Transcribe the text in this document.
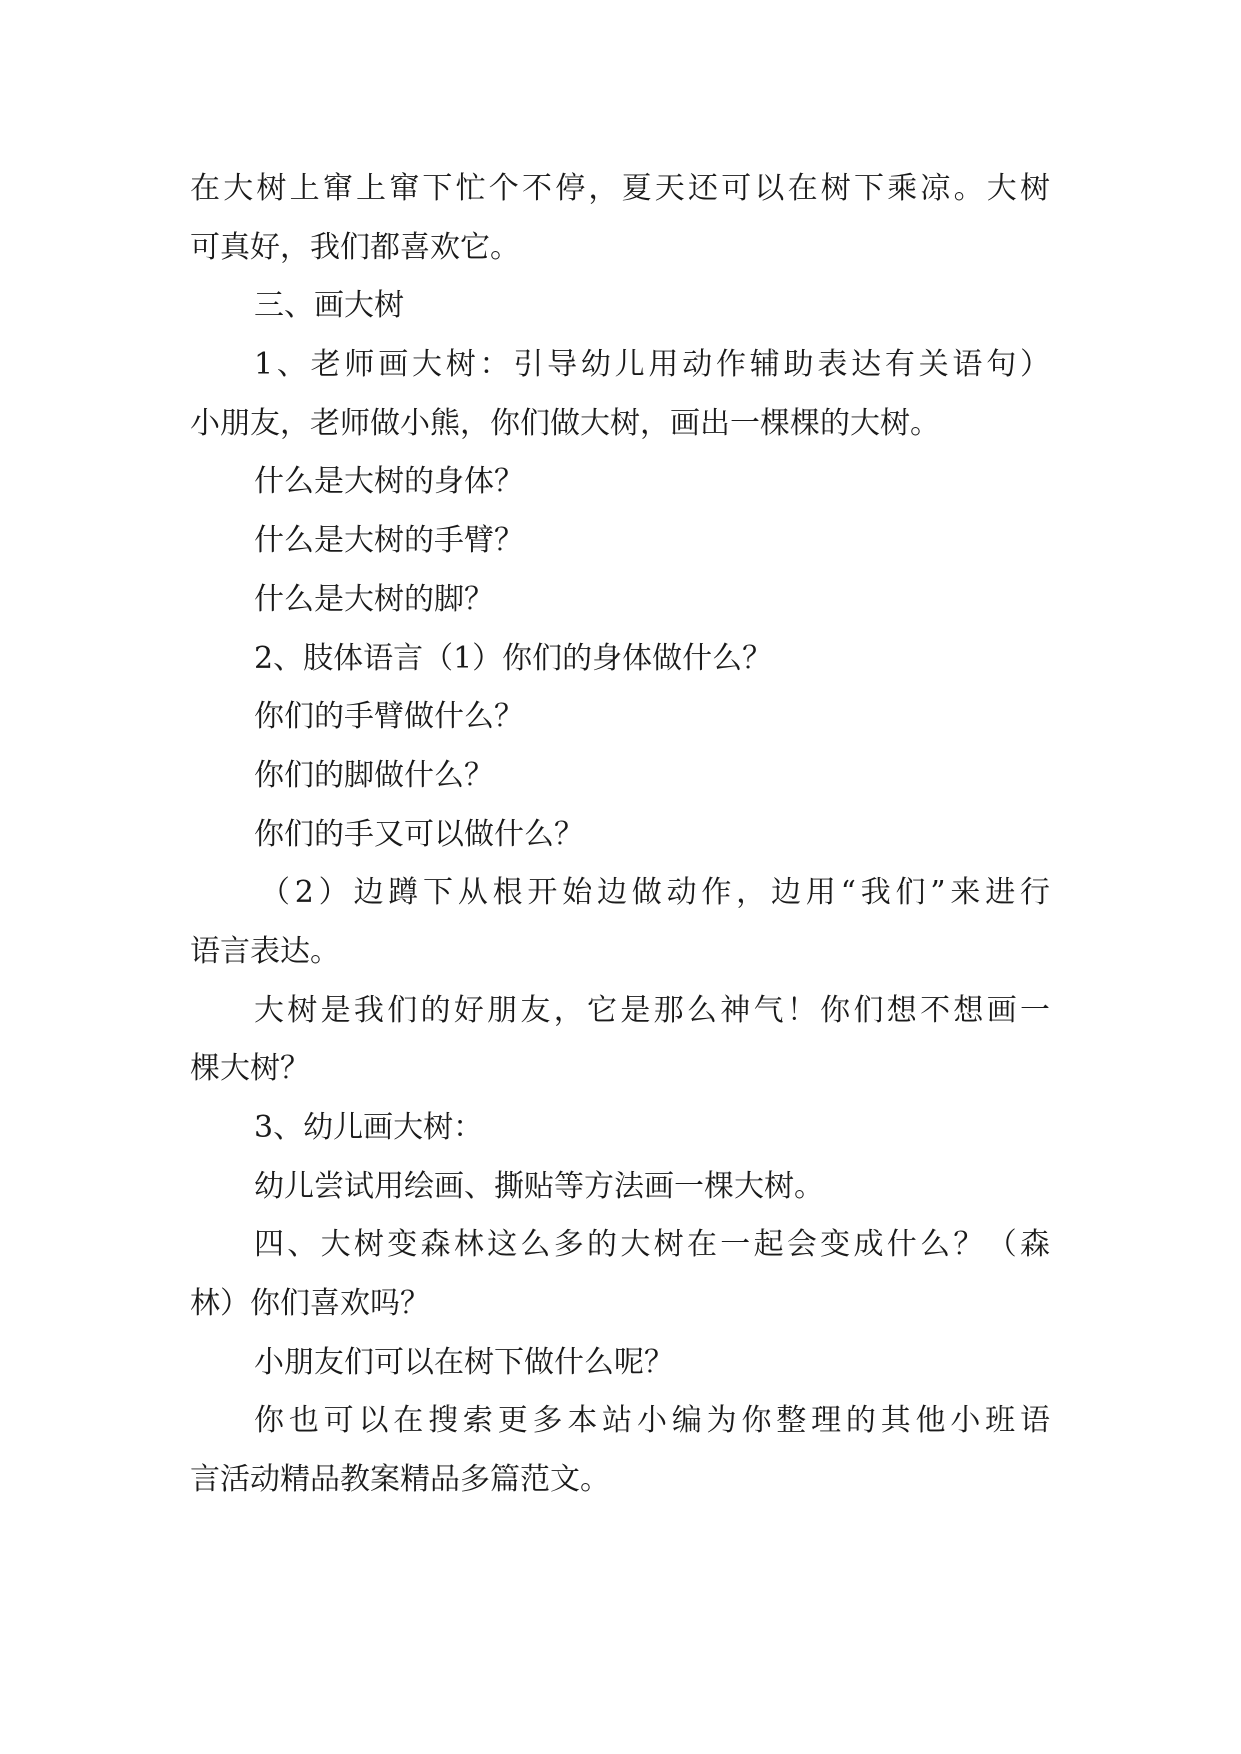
在大树上窜上窜下忙个不停，夏天还可以在树下乘凉。大树
可真好，我们都喜欢它。
三、画大树
1、老师画大树：引导幼儿用动作辅助表达有关语句）
小朋友，老师做小熊，你们做大树，画出一棵棵的大树。
什么是大树的身体？
什么是大树的手臂？
什么是大树的脚？
2、肢体语言（1）你们的身体做什么？
你们的手臂做什么？
你们的脚做什么？
你们的手又可以做什么？
（2）边蹲下从根开始边做动作，边用“我们”来进行
语言表达。
大树是我们的好朋友，它是那么神气！你们想不想画一
棵大树？
3、幼儿画大树：
幼儿尝试用绘画、撕贴等方法画一棵大树。
四、大树变森林这么多的大树在一起会变成什么？（森
林）你们喜欢吗？
小朋友们可以在树下做什么呢？
你也可以在搜索更多本站小编为你整理的其他小班语
言活动精品教案精品多篇范文。
